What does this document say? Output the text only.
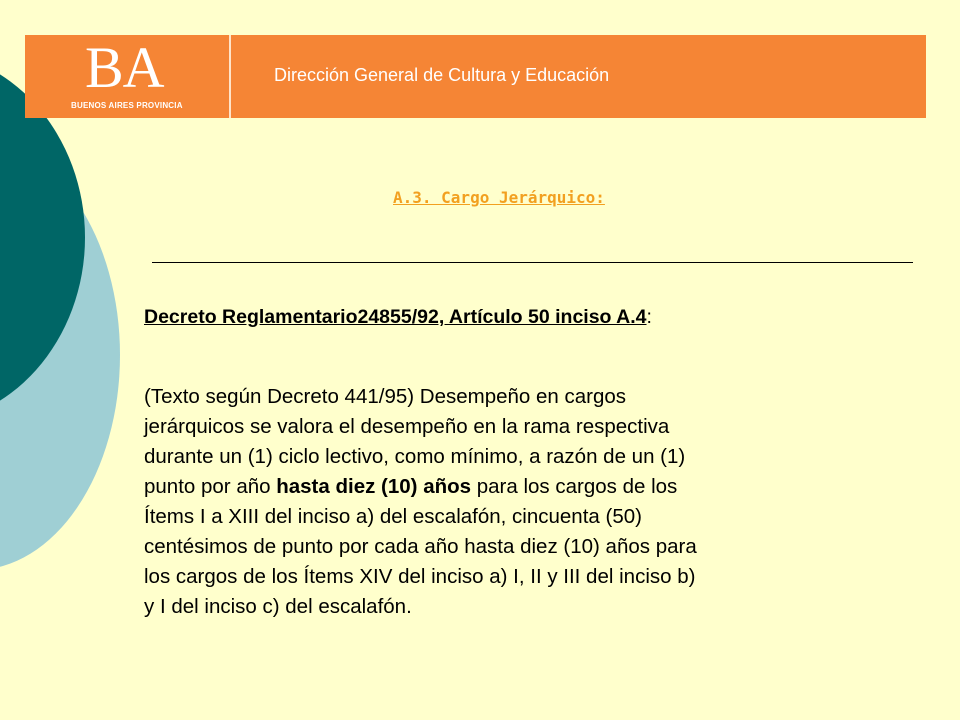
BA
BUENOS AIRES PROVINCIA
Dirección General de Cultura y Educación
A.3. Cargo Jerárquico:
Decreto Reglamentario24855/92, Artículo 50 inciso A.4:
(Texto según Decreto 441/95) Desempeño en cargos
jerárquicos se valora el desempeño en la rama respectiva
durante un (1) ciclo lectivo, como mínimo, a razón de un (1)
punto por año hasta diez (10) años para los cargos de los
Ítems I a XIII del inciso a) del escalafón, cincuenta (50)
centésimos de punto por cada año hasta diez (10) años para
los cargos de los Ítems XIV del inciso a) I, II y III del inciso b)
y I del inciso c) del escalafón.
